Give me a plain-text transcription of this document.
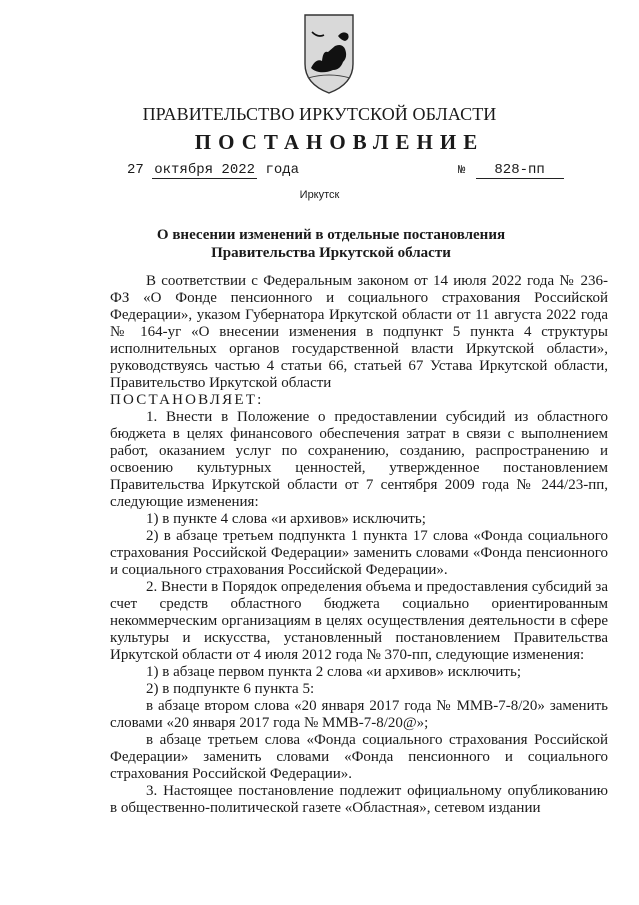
ПРАВИТЕЛЬСТВО ИРКУТСКОЙ ОБЛАСТИ
ПОСТАНОВЛЕНИЕ
27 октября 2022 года	№ 828-пп
Иркутск
О внесении изменений в отдельные постановления Правительства Иркутской области

В соответствии с Федеральным законом от 14 июля 2022 года № 236-ФЗ «О Фонде пенсионного и социального страхования Российской Федерации», указом Губернатора Иркутской области от 11 августа 2022 года № 164-уг «О внесении изменения в подпункт 5 пункта 4 структуры исполнительных органов государственной власти Иркутской области», руководствуясь частью 4 статьи 66, статьей 67 Устава Иркутской области, Правительство Иркутской области

ПОСТАНОВЛЯЕТ:

1. Внести в Положение о предоставлении субсидий из областного бюджета в целях финансового обеспечения затрат в связи с выполнением работ, оказанием услуг по сохранению, созданию, распространению и освоению культурных ценностей, утвержденное постановлением Правительства Иркутской области от 7 сентября 2009 года № 244/23-пп, следующие изменения:

1) в пункте 4 слова «и архивов» исключить;

2) в абзаце третьем подпункта 1 пункта 17 слова «Фонда социального страхования Российской Федерации» заменить словами «Фонда пенсионного и социального страхования Российской Федерации».

2. Внести в Порядок определения объема и предоставления субсидий за счет средств областного бюджета социально ориентированным некоммерческим организациям в целях осуществления деятельности в сфере культуры и искусства, установленный постановлением Правительства Иркутской области от 4 июля 2012 года № 370-пп, следующие изменения:

1) в абзаце первом пункта 2 слова «и архивов» исключить;

2) в подпункте 6 пункта 5:

в абзаце втором слова «20 января 2017 года № ММВ-7-8/20» заменить словами «20 января 2017 года № ММВ-7-8/20@»;

в абзаце третьем слова «Фонда социального страхования Российской Федерации» заменить словами «Фонда пенсионного и социального страхования Российской Федерации».

3. Настоящее постановление подлежит официальному опубликованию в общественно-политической газете «Областная», сетевом издании
